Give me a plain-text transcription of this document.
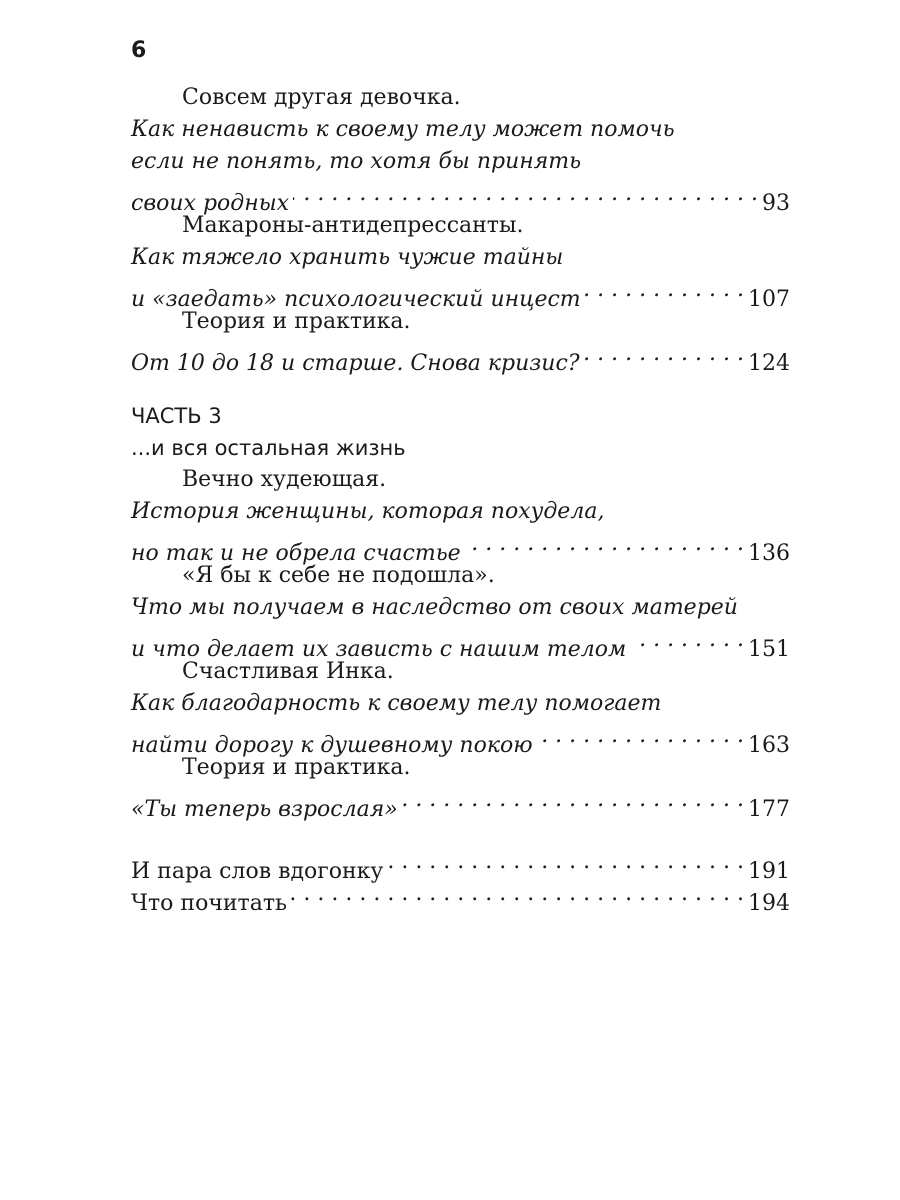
6
Совсем другая девочка.
Как ненависть к своему телу может помочь
если не понять, то хотя бы принять
своих родных . . .	93
Макароны-антидепрессанты.
Как тяжело хранить чужие тайны
и «заедать» психологический инцест . . .	107
Теория и практика.
От 10 до 18 и старше. Снова кризис? . . .	124
ЧАСТЬ 3
...и вся остальная жизнь
Вечно худеющая.
История женщины, которая похудела,
но так и не обрела счастье . . .	136
«Я бы к себе не подошла».
Что мы получаем в наследство от своих матерей
и что делает их зависть с нашим телом . . .	151
Счастливая Инка.
Как благодарность к своему телу помогает
найти дорогу к душевному покою . . .	163
Теория и практика.
«Ты теперь взрослая» . . .	177
И пара слов вдогонку . . .	191
Что почитать . . .	194
